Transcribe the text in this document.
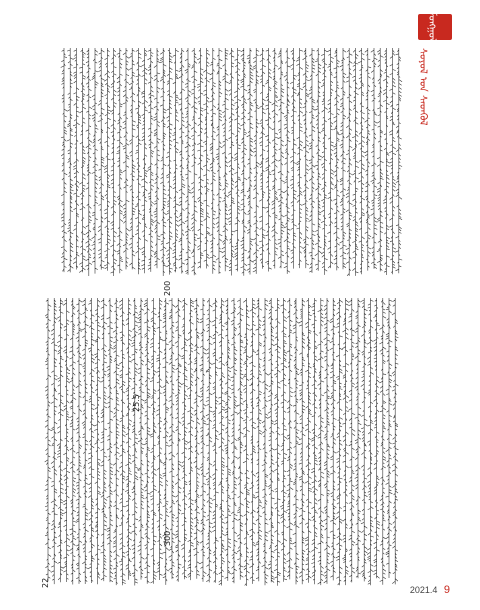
ᠮᠣᠩᠭᠣᠯ
ᠰᠣᠶᠤᠯ ᠤᠨ ᠰᠡᠳᠬᠦᠯ
300
200
25.5
22
2021.4 9
